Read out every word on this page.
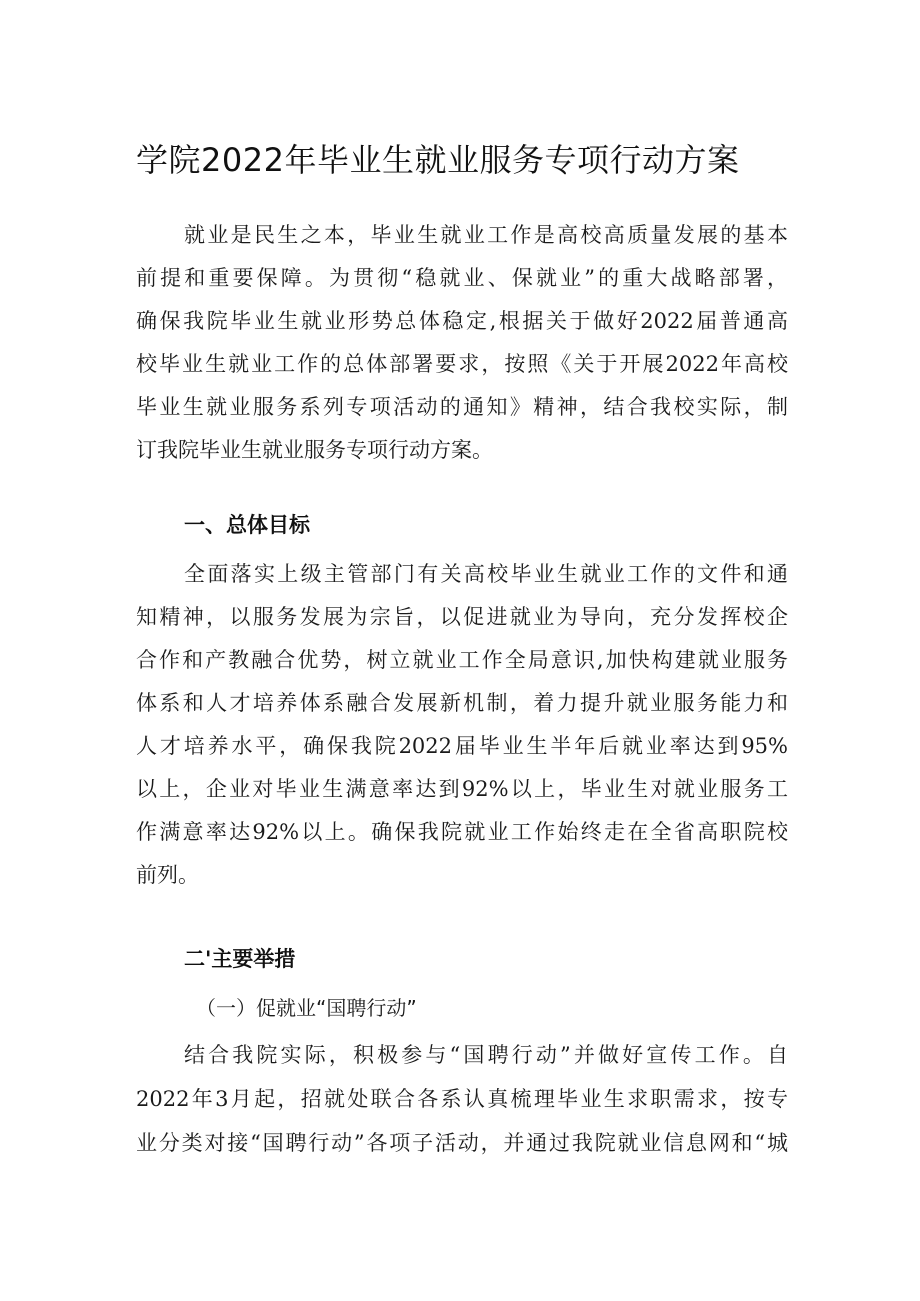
学院2022年毕业生就业服务专项行动方案
就业是民生之本，毕业生就业工作是高校高质量发展的基本
前提和重要保障。为贯彻“稳就业、保就业”的重大战略部署，
确保我院毕业生就业形势总体稳定,根据关于做好2022届普通高
校毕业生就业工作的总体部署要求，按照《关于开展2022年高校
毕业生就业服务系列专项活动的通知》精神，结合我校实际，制
订我院毕业生就业服务专项行动方案。
一、总体目标
全面落实上级主管部门有关高校毕业生就业工作的文件和通
知精神，以服务发展为宗旨，以促进就业为导向，充分发挥校企
合作和产教融合优势，树立就业工作全局意识,加快构建就业服务
体系和人才培养体系融合发展新机制，着力提升就业服务能力和
人才培养水平，确保我院2022届毕业生半年后就业率达到95%
以上，企业对毕业生满意率达到92%以上，毕业生对就业服务工
作满意率达92%以上。确保我院就业工作始终走在全省高职院校
前列。
二'主要举措
（一）促就业“国聘行动”
结合我院实际，积极参与“国聘行动”并做好宣传工作。自
2022年3月起，招就处联合各系认真梳理毕业生求职需求，按专
业分类对接“国聘行动”各项子活动，并通过我院就业信息网和“城
